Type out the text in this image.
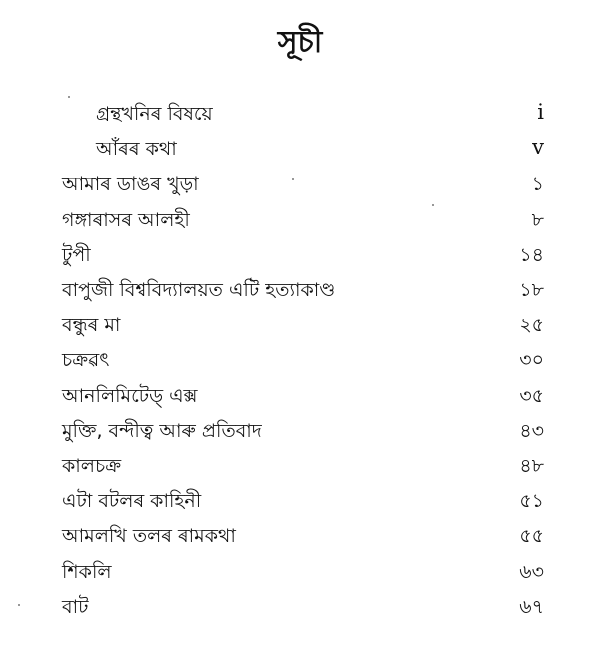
সূচী
গ্ৰন্থখনিৰ বিষয়ে	i
আঁৰৰ কথা	v
আমাৰ ডাঙৰ খুড়া	১
গঙ্গাৰাসৰ আলহী	৮
টুপী	১৪
বাপুজী বিশ্ববিদ্যালয়ত এটি হত্যাকাণ্ড	১৮
বন্ধুৰ মা	২৫
চক্ৰৱৎ	৩০
আনলিমিটেড্ এক্স	৩৫
মুক্তি, বন্দীত্ব আৰু প্ৰতিবাদ	৪৩
কালচক্ৰ	৪৮
এটা বটলৰ কাহিনী	৫১
আমলখি তলৰ ৰামকথা	৫৫
শিকলি	৬৩
বাট	৬৭
